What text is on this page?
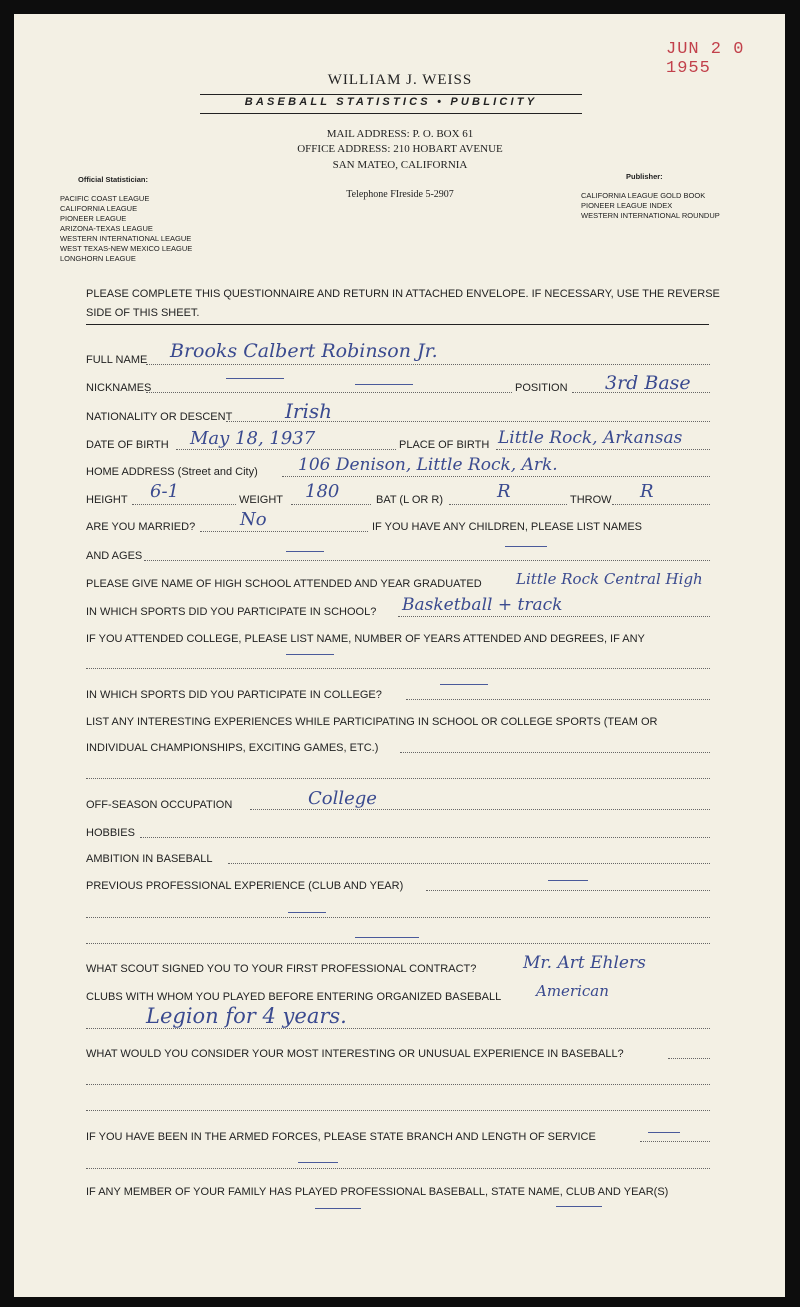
JUN 2 0 1955
WILLIAM J. WEISS
BASEBALL STATISTICS • PUBLICITY
MAIL ADDRESS: P. O. BOX 61
OFFICE ADDRESS: 210 HOBART AVENUE
SAN MATEO, CALIFORNIA
Telephone FIreside 5-2907
Official Statistician:
PACIFIC COAST LEAGUE
CALIFORNIA LEAGUE
PIONEER LEAGUE
ARIZONA-TEXAS LEAGUE
WESTERN INTERNATIONAL LEAGUE
WEST TEXAS-NEW MEXICO LEAGUE
LONGHORN LEAGUE
Publisher:
CALIFORNIA LEAGUE GOLD BOOK
PIONEER LEAGUE INDEX
WESTERN INTERNATIONAL ROUNDUP
PLEASE COMPLETE THIS QUESTIONNAIRE AND RETURN IN ATTACHED ENVELOPE. IF NECESSARY, USE THE REVERSE SIDE OF THIS SHEET.
FULL NAME Brooks Calbert Robinson Jr.
NICKNAMES	POSITION 3rd Base
NATIONALITY OR DESCENT	Irish
DATE OF BIRTH May 18, 1937	PLACE OF BIRTH Little Rock, Arkansas
HOME ADDRESS (Street and City) 106 Denison, Little Rock, Ark.
HEIGHT 6-1	WEIGHT 180	BAT (L OR R)	R	THROW R
ARE YOU MARRIED? No	IF YOU HAVE ANY CHILDREN, PLEASE LIST NAMES
AND AGES
PLEASE GIVE NAME OF HIGH SCHOOL ATTENDED AND YEAR GRADUATED Little Rock Central High
IN WHICH SPORTS DID YOU PARTICIPATE IN SCHOOL? Basketball + track
IF YOU ATTENDED COLLEGE, PLEASE LIST NAME, NUMBER OF YEARS ATTENDED AND DEGREES, IF ANY
IN WHICH SPORTS DID YOU PARTICIPATE IN COLLEGE?
LIST ANY INTERESTING EXPERIENCES WHILE PARTICIPATING IN SCHOOL OR COLLEGE SPORTS (TEAM OR
INDIVIDUAL CHAMPIONSHIPS, EXCITING GAMES, ETC.)
OFF-SEASON OCCUPATION	College
HOBBIES
AMBITION IN BASEBALL
PREVIOUS PROFESSIONAL EXPERIENCE (CLUB AND YEAR)
WHAT SCOUT SIGNED YOU TO YOUR FIRST PROFESSIONAL CONTRACT?	Mr. Art Ehlers
CLUBS WITH WHOM YOU PLAYED BEFORE ENTERING ORGANIZED BASEBALL American
Legion for 4 years.
WHAT WOULD YOU CONSIDER YOUR MOST INTERESTING OR UNUSUAL EXPERIENCE IN BASEBALL?
IF YOU HAVE BEEN IN THE ARMED FORCES, PLEASE STATE BRANCH AND LENGTH OF SERVICE
IF ANY MEMBER OF YOUR FAMILY HAS PLAYED PROFESSIONAL BASEBALL, STATE NAME, CLUB AND YEAR(S)
